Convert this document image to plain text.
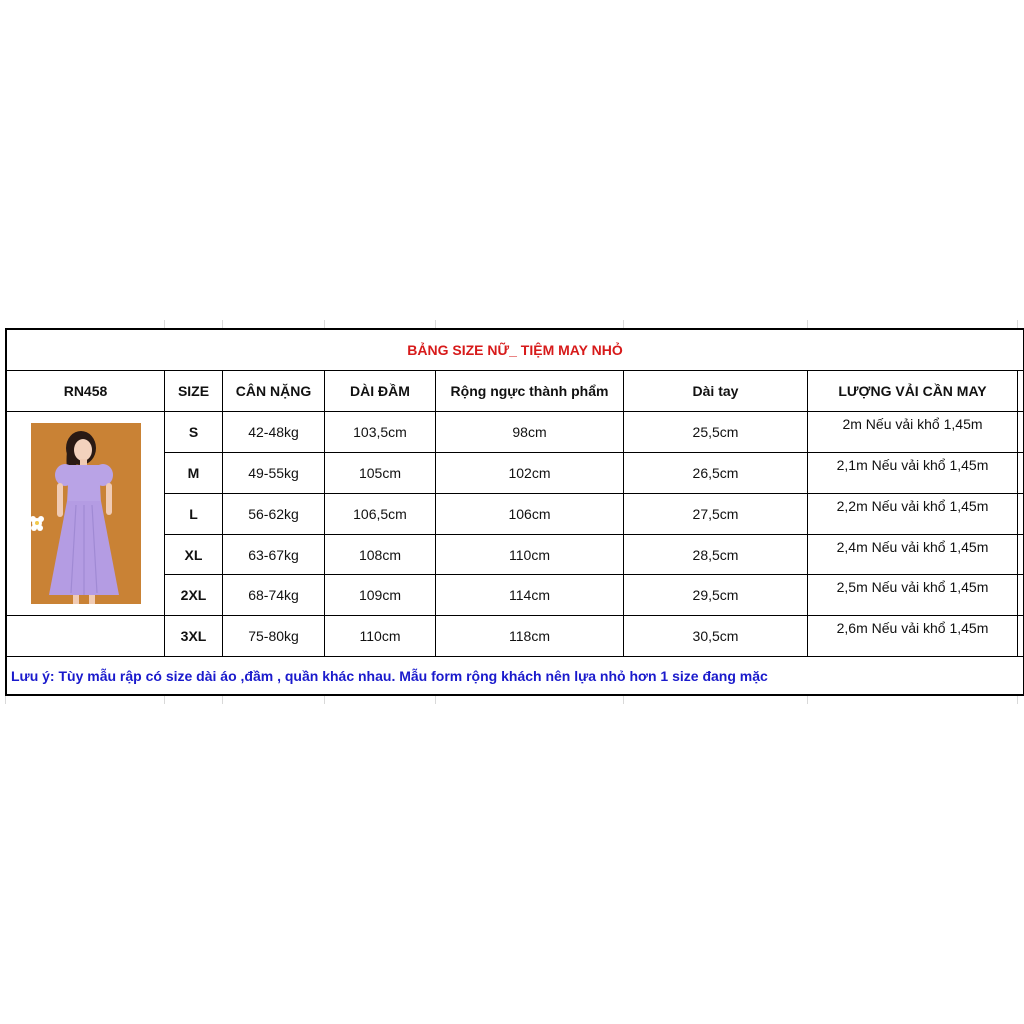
BẢNG SIZE NỮ_ TIỆM MAY NHỎ
RN458	SIZE	CÂN NẶNG	DÀI ĐẦM	Rộng ngực thành phẩm	Dài tay	LƯỢNG VẢI CẦN MAY
S	42-48kg	103,5cm	98cm	25,5cm	2m Nếu vải khổ 1,45m
M	49-55kg	105cm	102cm	26,5cm	2,1m Nếu vải khổ 1,45m
L	56-62kg	106,5cm	106cm	27,5cm	2,2m Nếu vải khổ 1,45m
XL	63-67kg	108cm	110cm	28,5cm	2,4m Nếu vải khổ 1,45m
2XL	68-74kg	109cm	114cm	29,5cm	2,5m Nếu vải khổ 1,45m
3XL	75-80kg	110cm	118cm	30,5cm	2,6m Nếu vải khổ 1,45m
Lưu ý: Tùy mẫu rập có size dài áo ,đầm , quần khác nhau. Mẫu form rộng khách nên lựa nhỏ hơn 1 size đang mặc
